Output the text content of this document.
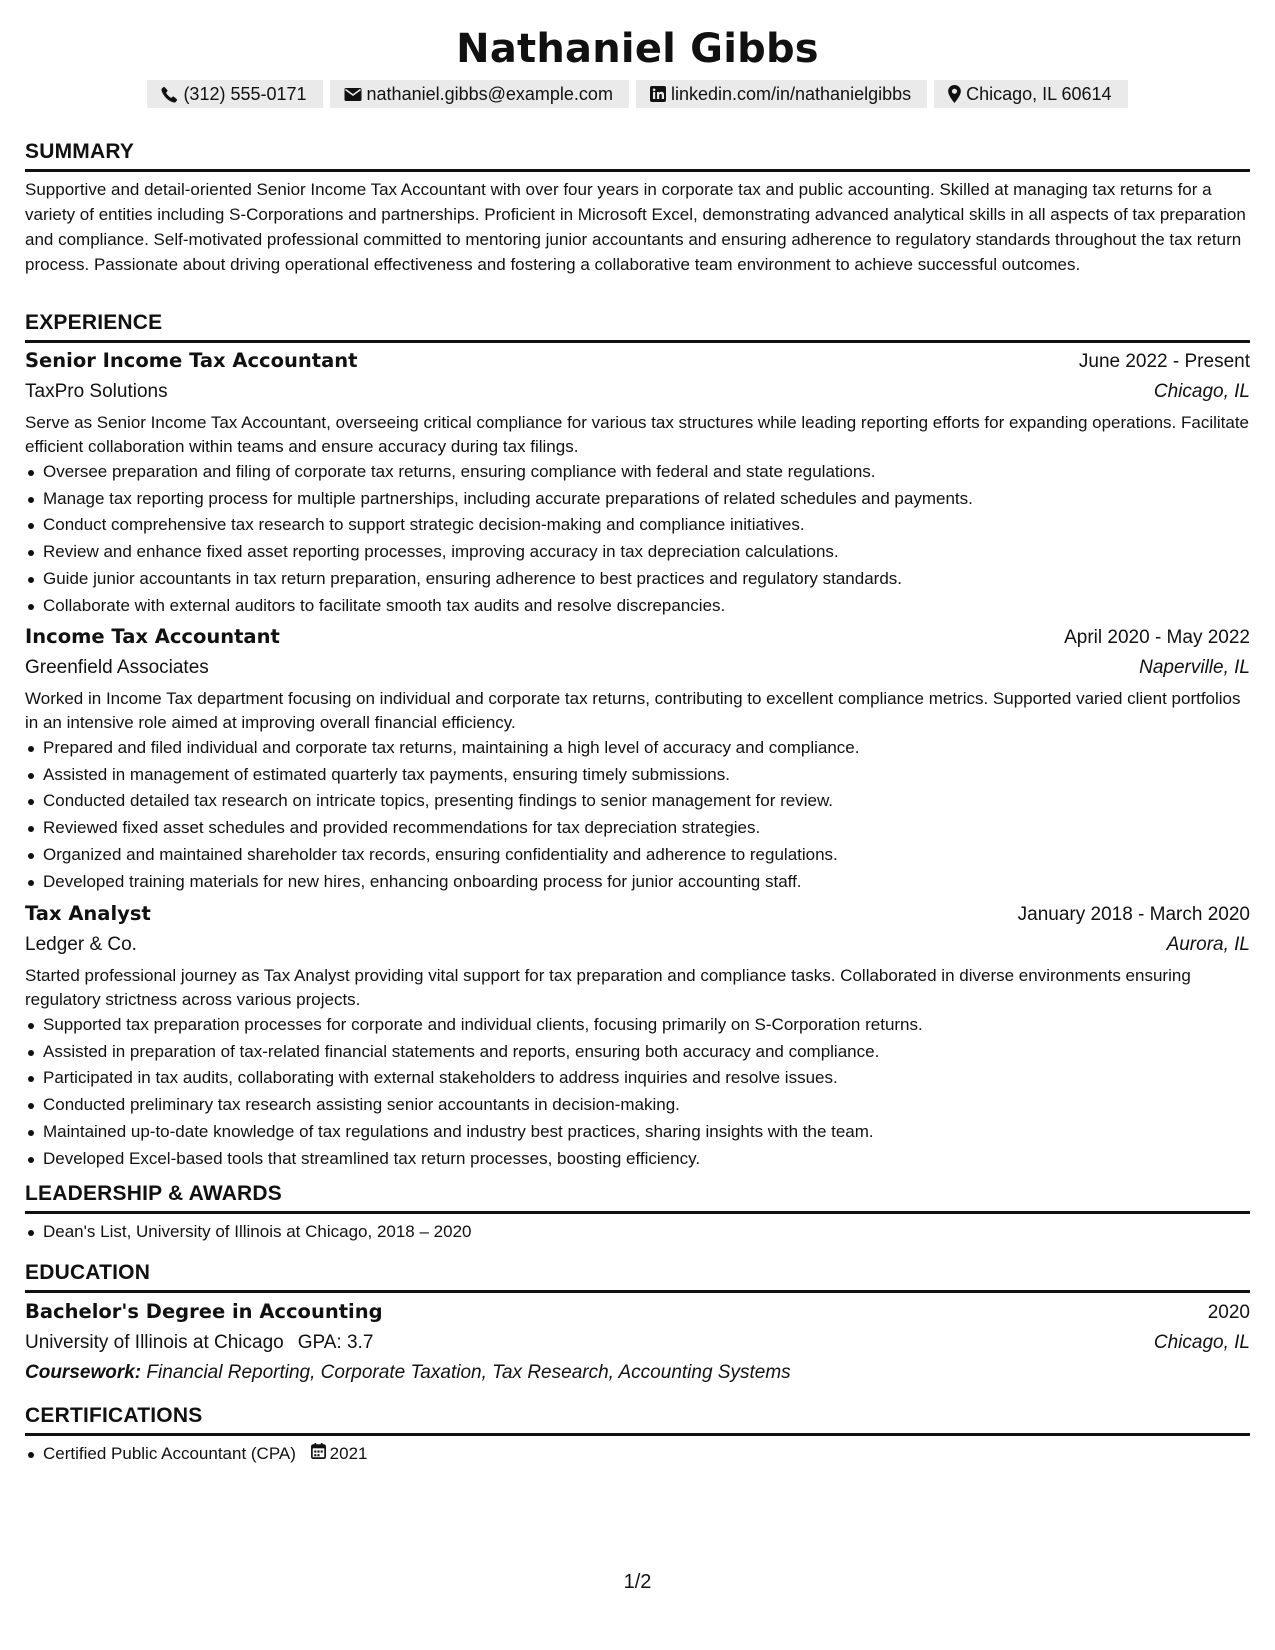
Nathaniel Gibbs
(312) 555-0171	nathaniel.gibbs@example.com	linkedin.com/in/nathanielgibbs	Chicago, IL 60614
SUMMARY

Supportive and detail-oriented Senior Income Tax Accountant with over four years in corporate tax and public accounting. Skilled at managing tax returns for a variety of entities including S-Corporations and partnerships. Proficient in Microsoft Excel, demonstrating advanced analytical skills in all aspects of tax preparation and compliance. Self-motivated professional committed to mentoring junior accountants and ensuring adherence to regulatory standards throughout the tax return process. Passionate about driving operational effectiveness and fostering a collaborative team environment to achieve successful outcomes.

EXPERIENCE
Senior Income Tax Accountant	June 2022 - Present
TaxPro Solutions	Chicago, IL

Serve as Senior Income Tax Accountant, overseeing critical compliance for various tax structures while leading reporting efforts for expanding operations. Facilitate efficient collaboration within teams and ensure accuracy during tax filings.

Oversee preparation and filing of corporate tax returns, ensuring compliance with federal and state regulations.
Manage tax reporting process for multiple partnerships, including accurate preparations of related schedules and payments.
Conduct comprehensive tax research to support strategic decision-making and compliance initiatives.
Review and enhance fixed asset reporting processes, improving accuracy in tax depreciation calculations.
Guide junior accountants in tax return preparation, ensuring adherence to best practices and regulatory standards.
Collaborate with external auditors to facilitate smooth tax audits and resolve discrepancies.
Income Tax Accountant	April 2020 - May 2022
Greenfield Associates	Naperville, IL

Worked in Income Tax department focusing on individual and corporate tax returns, contributing to excellent compliance metrics. Supported varied client portfolios in an intensive role aimed at improving overall financial efficiency.

Prepared and filed individual and corporate tax returns, maintaining a high level of accuracy and compliance.
Assisted in management of estimated quarterly tax payments, ensuring timely submissions.
Conducted detailed tax research on intricate topics, presenting findings to senior management for review.
Reviewed fixed asset schedules and provided recommendations for tax depreciation strategies.
Organized and maintained shareholder tax records, ensuring confidentiality and adherence to regulations.
Developed training materials for new hires, enhancing onboarding process for junior accounting staff.
Tax Analyst	January 2018 - March 2020
Ledger & Co.	Aurora, IL

Started professional journey as Tax Analyst providing vital support for tax preparation and compliance tasks. Collaborated in diverse environments ensuring regulatory strictness across various projects.

Supported tax preparation processes for corporate and individual clients, focusing primarily on S-Corporation returns.
Assisted in preparation of tax-related financial statements and reports, ensuring both accuracy and compliance.
Participated in tax audits, collaborating with external stakeholders to address inquiries and resolve issues.
Conducted preliminary tax research assisting senior accountants in decision-making.
Maintained up-to-date knowledge of tax regulations and industry best practices, sharing insights with the team.
Developed Excel-based tools that streamlined tax return processes, boosting efficiency.
LEADERSHIP & AWARDS
Dean's List, University of Illinois at Chicago, 2018 – 2020
EDUCATION
Bachelor's Degree in Accounting	2020
University of Illinois at Chicago GPA: 3.7	Chicago, IL
Coursework: Financial Reporting, Corporate Taxation, Tax Research, Accounting Systems
CERTIFICATIONS
Certified Public Accountant (CPA) 2021
1/2
